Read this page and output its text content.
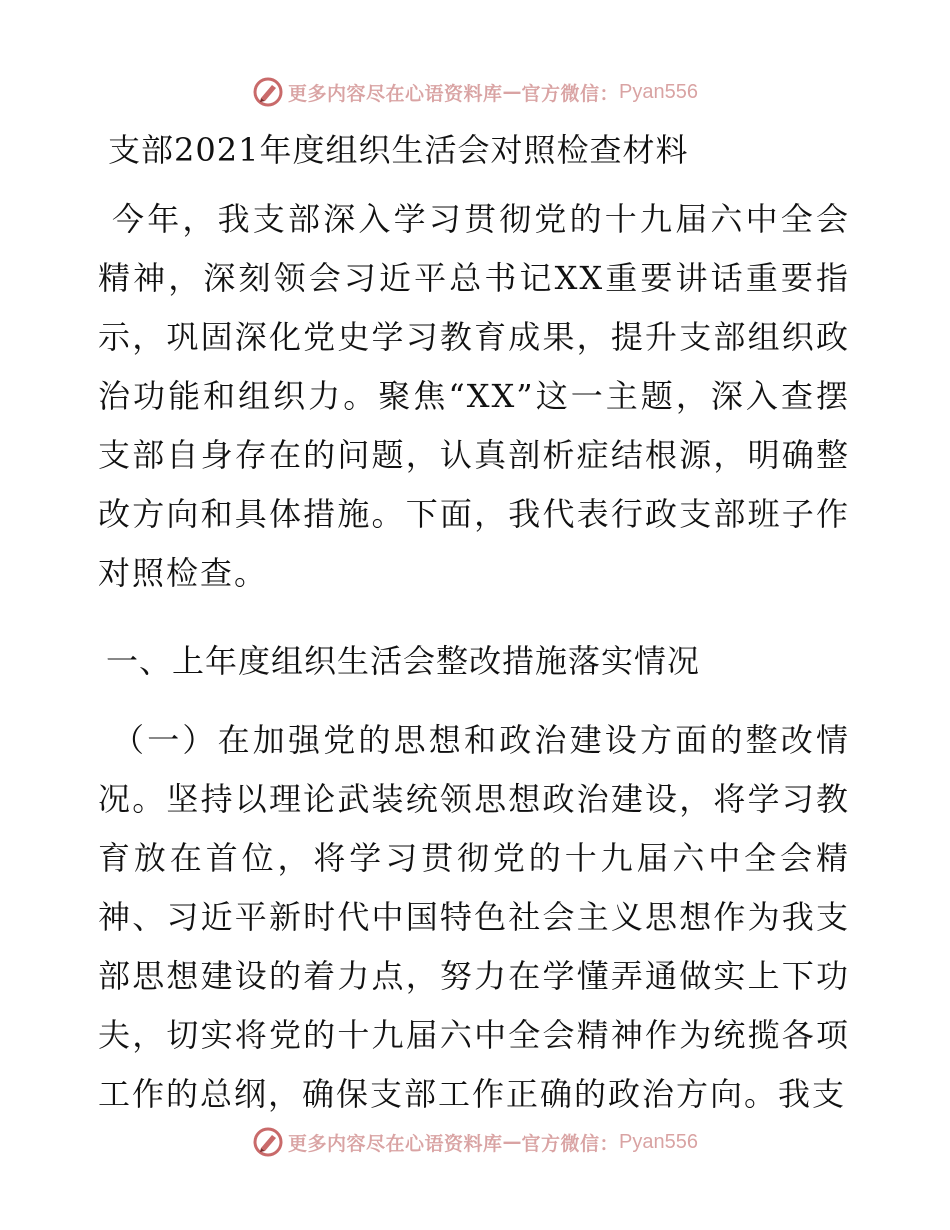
更多内容尽在心语资料库 — 官方微信： Pyan556
支部2021年度组织生活会对照检查材料

今年，我支部深入学习贯彻党的十九届六中全会精神，深刻领会习近平总书记XX重要讲话重要指示，巩固深化党史学习教育成果，提升支部组织政治功能和组织力。聚焦“XX”这一主题，深入查摆支部自身存在的问题，认真剖析症结根源，明确整改方向和具体措施。下面，我代表行政支部班子作对照检查。

一、上年度组织生活会整改措施落实情况

（一）在加强党的思想和政治建设方面的整改情况。坚持以理论武装统领思想政治建设，将学习教育放在首位，将学习贯彻党的十九届六中全会精神、习近平新时代中国特色社会主义思想作为我支部思想建设的着力点，努力在学懂弄通做实上下功夫，切实将党的十九届六中全会精神作为统揽各项工作的总纲，确保支部工作正确的政治方向。我支

更多内容尽在心语资料库 — 官方微信： Pyan556
